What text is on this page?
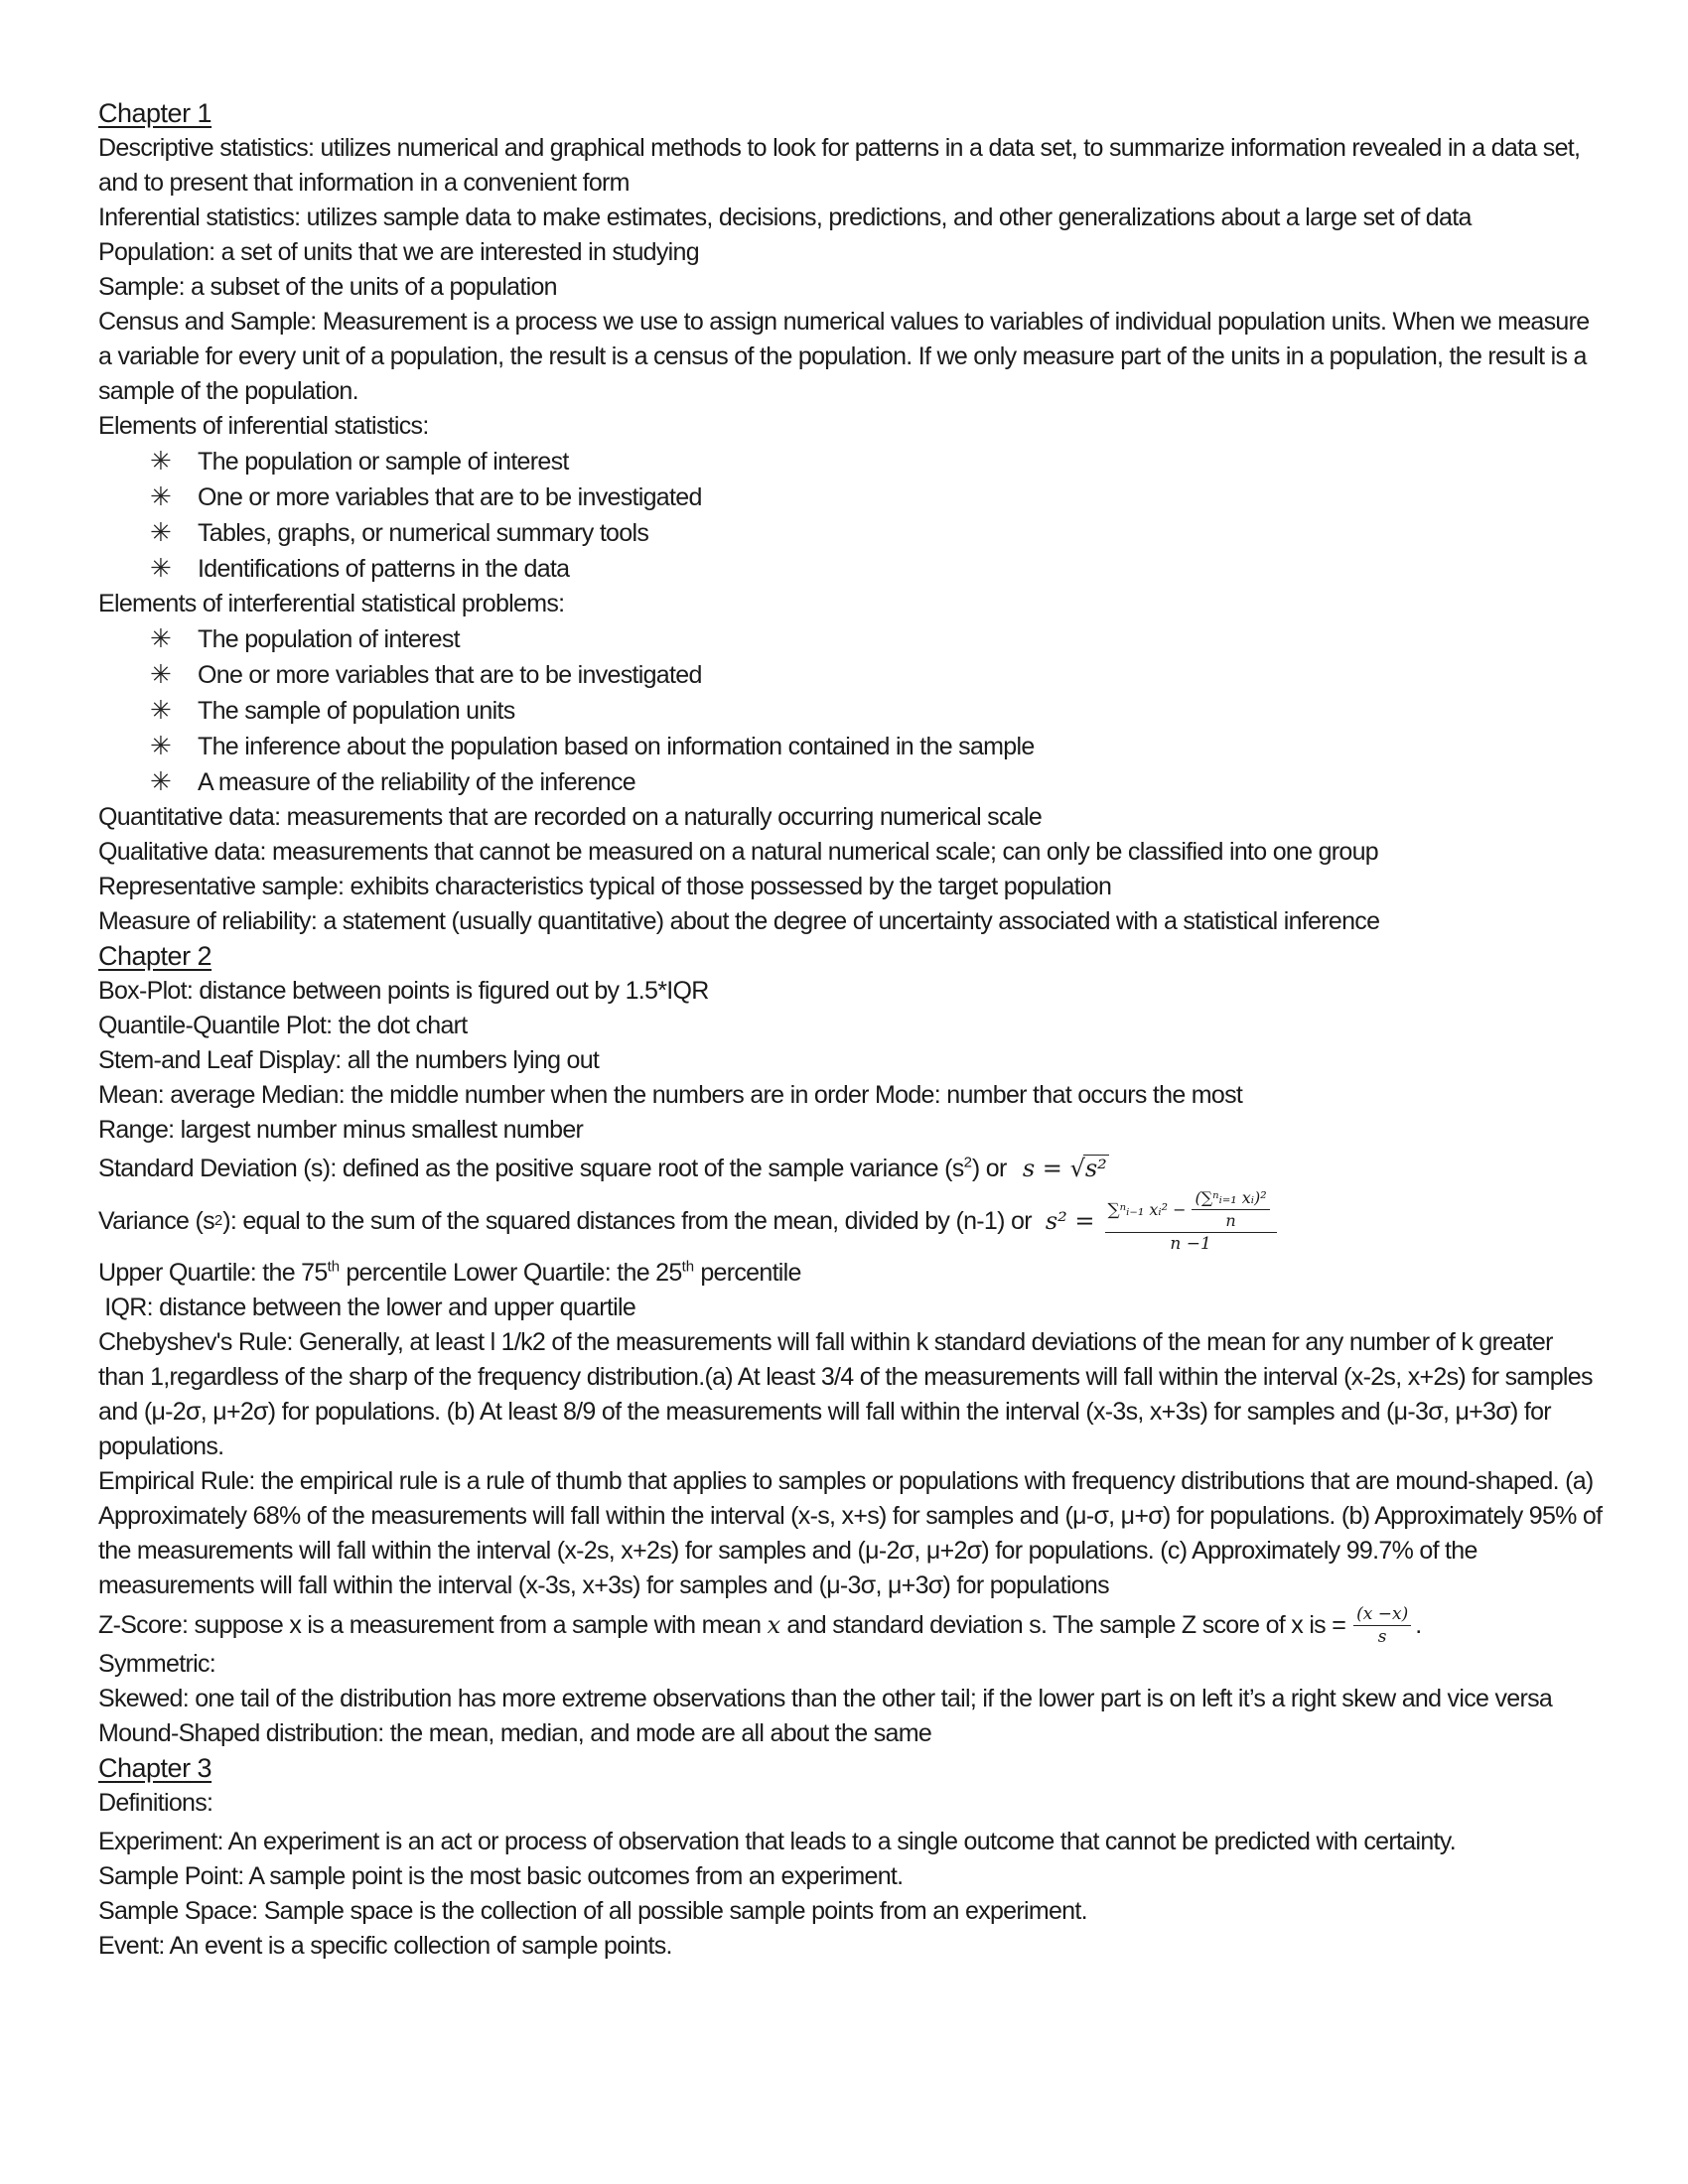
Chapter 1

Descriptive statistics: utilizes numerical and graphical methods to look for patterns in a data set, to summarize information revealed in a data set, and to present that information in a convenient form

Inferential statistics: utilizes sample data to make estimates, decisions, predictions, and other generalizations about a large set of data

Population: a set of units that we are interested in studying

Sample: a subset of the units of a population

Census and Sample: Measurement is a process we use to assign numerical values to variables of individual population units. When we measure a variable for every unit of a population, the result is a census of the population. If we only measure part of the units in a population, the result is a sample of the population.

Elements of inferential statistics:

✳	The population or sample of interest
✳	One or more variables that are to be investigated
✳	Tables, graphs, or numerical summary tools
✳	Identifications of patterns in the data

Elements of interferential statistical problems:

✳	The population of interest
✳	One or more variables that are to be investigated
✳	The sample of population units
✳	The inference about the population based on information contained in the sample
✳	A measure of the reliability of the inference

Quantitative data: measurements that are recorded on a naturally occurring numerical scale

Qualitative data: measurements that cannot be measured on a natural numerical scale; can only be classified into one group

Representative sample: exhibits characteristics typical of those possessed by the target population

Measure of reliability: a statement (usually quantitative) about the degree of uncertainty associated with a statistical inference

Chapter 2

Box-Plot: distance between points is figured out by 1.5*IQR

Quantile-Quantile Plot: the dot chart

Stem-and Leaf Display: all the numbers lying out

Mean: average Median: the middle number when the numbers are in order Mode: number that occurs the most

Range: largest number minus smallest number

Standard Deviation (s): defined as the positive square root of the sample variance $(s^2)$ or s = √s²

Variance (s 2 ): equal to the sum of the squared distances from the mean, divided by (n-1) or $s^2 = \frac{\sum ^nᵢ_{-1} xᵢ^2 - \frac{\text{(∑ⁿᵢ₌₁ xᵢ)²}}{n}}{n -1}$

Upper Quartile: the 75th percentile Lower Quartile: the 25th percentile

IQR: distance between the lower and upper quartile

Chebyshev's Rule: Generally, at least l 1/k2 of the measurements will fall within k standard deviations of the mean for any number of k greater than 1,regardless of the sharp of the frequency distribution.(a) At least 3/4 of the measurements will fall within the interval (x-2s, x+2s) for samples and (μ-2σ, μ+2σ) for populations. (b) At least 8/9 of the measurements will fall within the interval (x-3s, x+3s) for samples and (μ-3σ, μ+3σ) for populations.

Empirical Rule: the empirical rule is a rule of thumb that applies to samples or populations with frequency distributions that are mound-shaped. (a) Approximately 68% of the measurements will fall within the interval (x-s, x+s) for samples and (μ-σ, μ+σ) for populations. (b) Approximately 95% of the measurements will fall within the interval (x-2s, x+2s) for samples and (μ-2σ, μ+2σ) for populations. (c) Approximately 99.7% of the measurements will fall within the interval (x-3s, x+3s) for samples and (μ-3σ, μ+3σ) for populations

Z-Score: suppose x is a measurement from a sample with mean
x
and standard deviation s. The sample Z score of x is = $\frac{(x -x)}{s}$ .

Symmetric:

Skewed: one tail of the distribution has more extreme observations than the other tail; if the lower part is on left it’s a right skew and vice versa

Mound-Shaped distribution: the mean, median, and mode are all about the same

Chapter 3

Definitions:

Experiment: An experiment is an act or process of observation that leads to a single outcome that cannot be predicted with certainty.

Sample Point: A sample point is the most basic outcomes from an experiment.

Sample Space: Sample space is the collection of all possible sample points from an experiment.

Event: An event is a specific collection of sample points.
